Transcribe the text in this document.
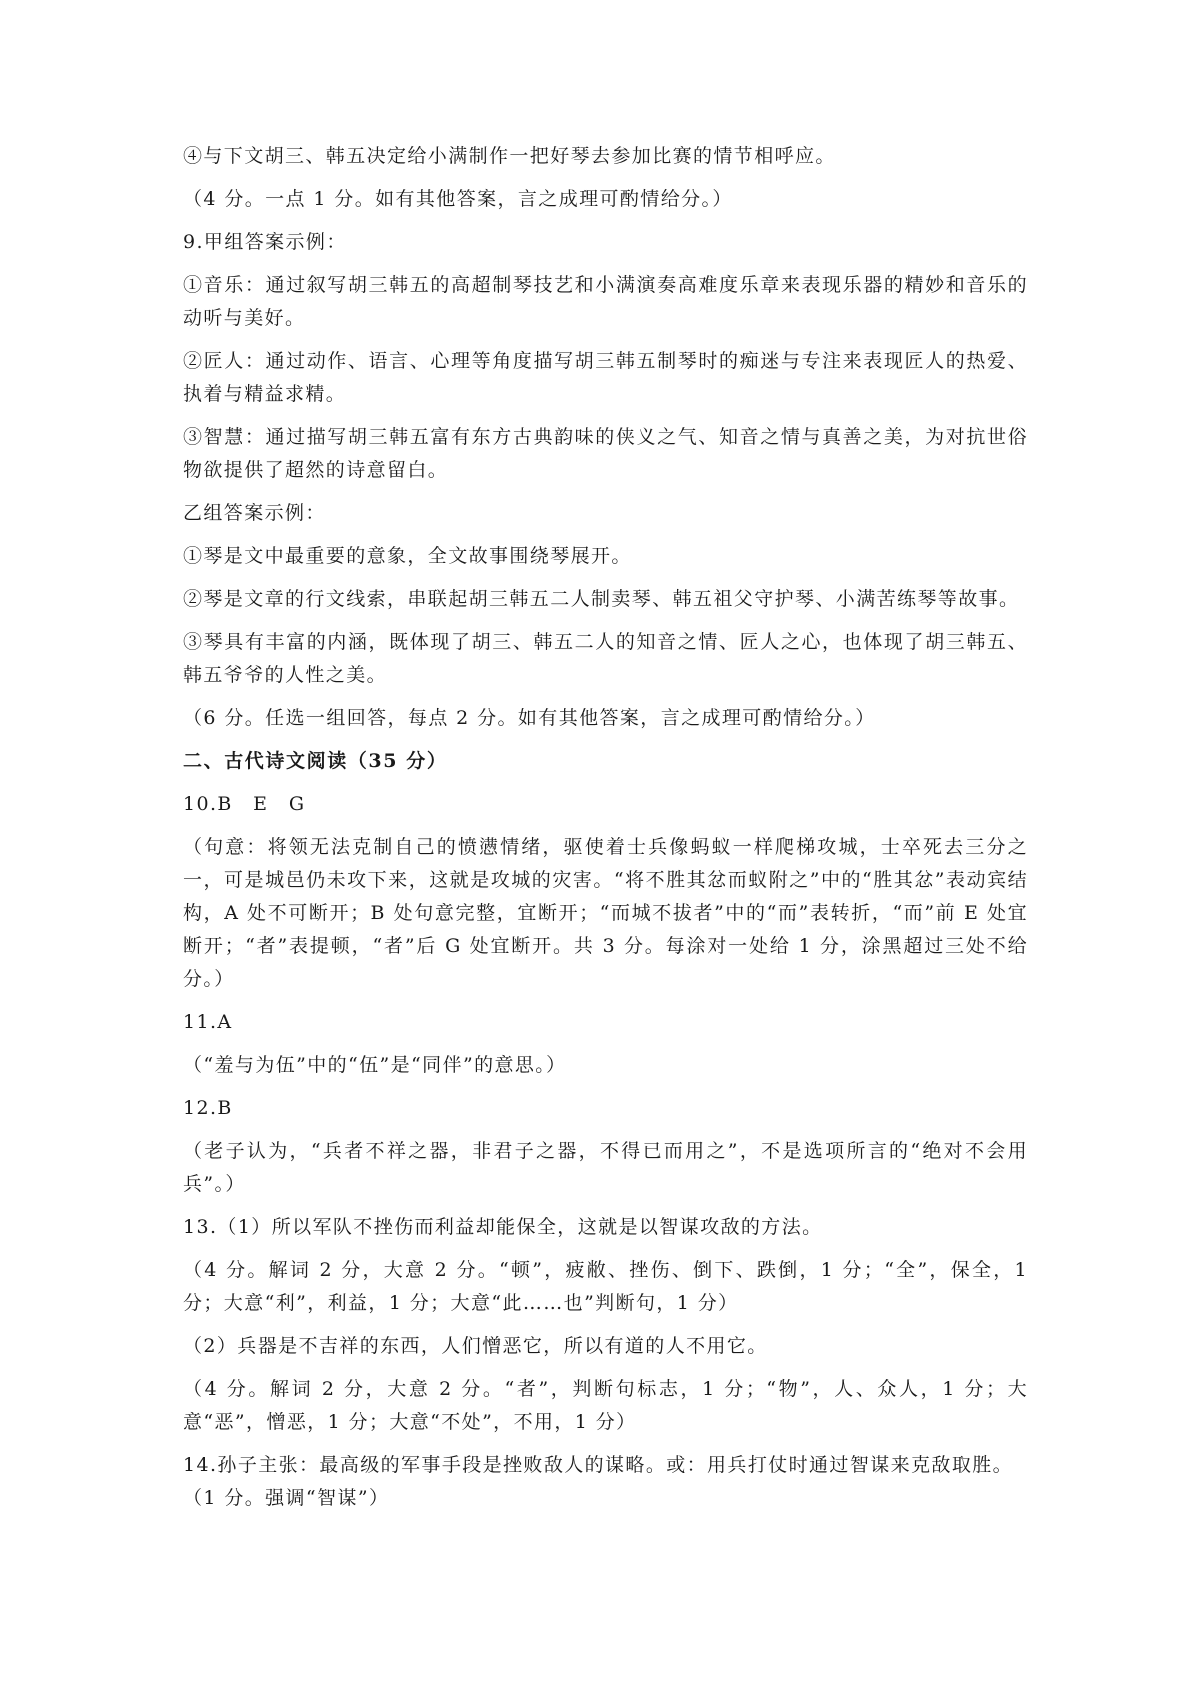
④与下文胡三、韩五决定给小满制作一把好琴去参加比赛的情节相呼应。

（4 分。一点 1 分。如有其他答案，言之成理可酌情给分。）

9.甲组答案示例：

①音乐：通过叙写胡三韩五的高超制琴技艺和小满演奏高难度乐章来表现乐器的精妙和音乐的动听与美好。

②匠人：通过动作、语言、心理等角度描写胡三韩五制琴时的痴迷与专注来表现匠人的热爱、执着与精益求精。

③智慧：通过描写胡三韩五富有东方古典韵味的侠义之气、知音之情与真善之美，为对抗世俗物欲提供了超然的诗意留白。

乙组答案示例：

①琴是文中最重要的意象，全文故事围绕琴展开。

②琴是文章的行文线索，串联起胡三韩五二人制卖琴、韩五祖父守护琴、小满苦练琴等故事。

③琴具有丰富的内涵，既体现了胡三、韩五二人的知音之情、匠人之心，也体现了胡三韩五、韩五爷爷的人性之美。

（6 分。任选一组回答，每点 2 分。如有其他答案，言之成理可酌情给分。）

二、古代诗文阅读（35 分）

10.B　E　G

（句意：将领无法克制自己的愤懑情绪，驱使着士兵像蚂蚁一样爬梯攻城，士卒死去三分之一，可是城邑仍未攻下来，这就是攻城的灾害。“将不胜其忿而蚁附之”中的“胜其忿”表动宾结构，A 处不可断开；B 处句意完整，宜断开；“而城不拔者”中的“而”表转折，“而”前 E 处宜断开；“者”表提顿，“者”后 G 处宜断开。共 3 分。每涂对一处给 1 分，涂黑超过三处不给分。）

11.A

（“羞与为伍”中的“伍”是“同伴”的意思。）

12.B

（老子认为，“兵者不祥之器，非君子之器，不得已而用之”，不是选项所言的“绝对不会用兵”。）

13.（1）所以军队不挫伤而利益却能保全，这就是以智谋攻敌的方法。

（4 分。解词 2 分，大意 2 分。“顿”，疲敝、挫伤、倒下、跌倒，1 分；“全”，保全，1 分；大意“利”，利益，1 分；大意“此……也”判断句，1 分）

（2）兵器是不吉祥的东西，人们憎恶它，所以有道的人不用它。

（4 分。解词 2 分，大意 2 分。“者”，判断句标志，1 分；“物”，人、众人，1 分；大意“恶”，憎恶，1 分；大意“不处”，不用，1 分）

14.孙子主张：最高级的军事手段是挫败敌人的谋略。或：用兵打仗时通过智谋来克敌取胜。

（1 分。强调“智谋”）
